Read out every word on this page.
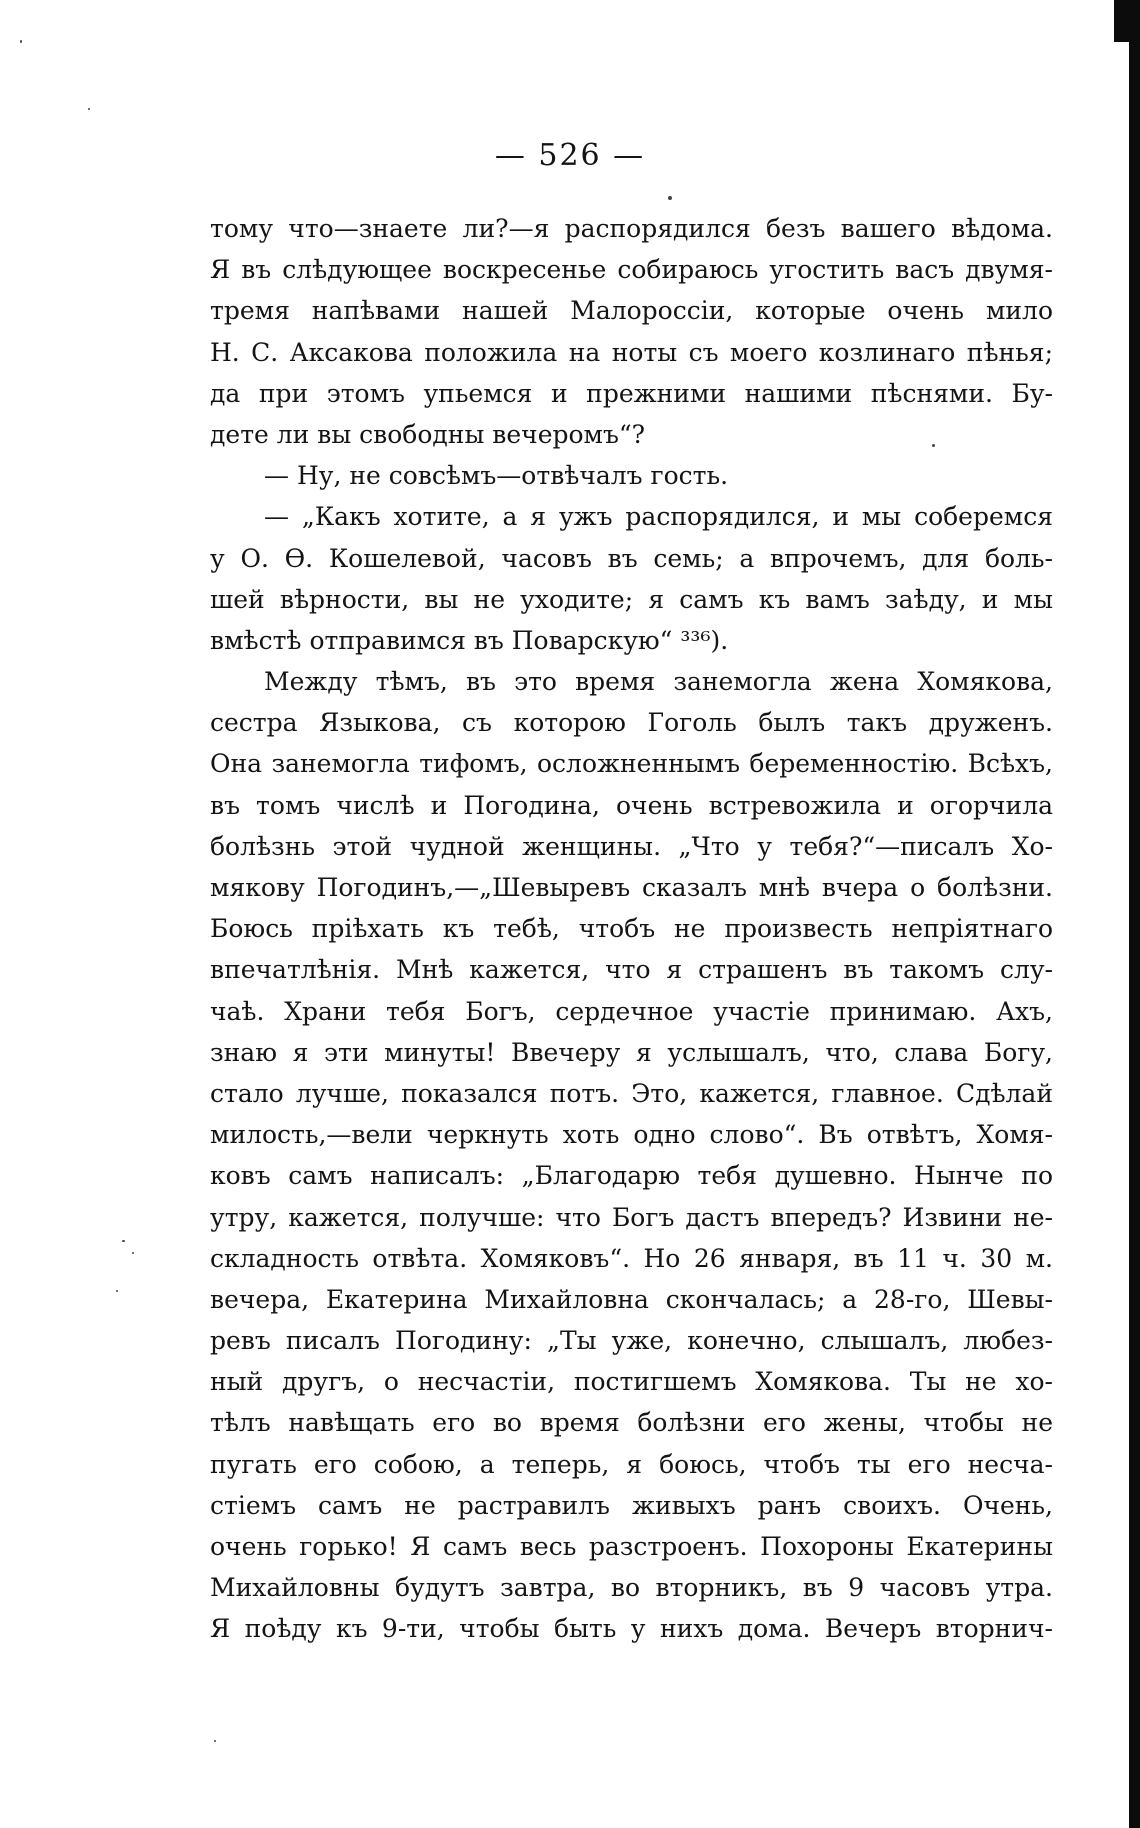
— 526 —
тому что—знаете ли?—я распорядился безъ вашего вѣдома.
Я въ слѣдующее воскресенье собираюсь угостить васъ двумя-
тремя напѣвами нашей Малороссіи, которые очень мило
Н. С. Аксакова положила на ноты съ моего козлинаго пѣнья;
да при этомъ упьемся и прежними нашими пѣснями. Бу-
дете ли вы свободны вечеромъ“?
— Ну, не совсѣмъ—отвѣчалъ гость.
— „Какъ хотите, а я ужъ распорядился, и мы соберемся
у О. Ѳ. Кошелевой, часовъ въ семь; а впрочемъ, для боль-
шей вѣрности, вы не уходите; я самъ къ вамъ заѣду, и мы
вмѣстѣ отправимся въ Поварскую“ ³³⁶).
Между тѣмъ, въ это время занемогла жена Хомякова,
сестра Языкова, съ которою Гоголь былъ такъ друженъ.
Она занемогла тифомъ, осложненнымъ беременностію. Всѣхъ,
въ томъ числѣ и Погодина, очень встревожила и огорчила
болѣзнь этой чудной женщины. „Что у тебя?“—писалъ Хо-
мякову Погодинъ,—„Шевыревъ сказалъ мнѣ вчера о болѣзни.
Боюсь пріѣхать къ тебѣ, чтобъ не произвесть непріятнаго
впечатлѣнія. Мнѣ кажется, что я страшенъ въ такомъ слу-
чаѣ. Храни тебя Богъ, сердечное участіе принимаю. Ахъ,
знаю я эти минуты! Ввечеру я услышалъ, что, слава Богу,
стало лучше, показался потъ. Это, кажется, главное. Сдѣлай
милость,—вели черкнуть хоть одно слово“. Въ отвѣтъ, Хомя-
ковъ самъ написалъ: „Благодарю тебя душевно. Нынче по
утру, кажется, получше: что Богъ дастъ впередъ? Извини не-
складность отвѣта. Хомяковъ“. Но 26 января, въ 11 ч. 30 м.
вечера, Екатерина Михайловна скончалась; а 28-го, Шевы-
ревъ писалъ Погодину: „Ты уже, конечно, слышалъ, любез-
ный другъ, о несчастіи, постигшемъ Хомякова. Ты не хо-
тѣлъ навѣщать его во время болѣзни его жены, чтобы не
пугать его собою, а теперь, я боюсь, чтобъ ты его несча-
стіемъ самъ не растравилъ живыхъ ранъ своихъ. Очень,
очень горько! Я самъ весь разстроенъ. Похороны Екатерины
Михайловны будутъ завтра, во вторникъ, въ 9 часовъ утра.
Я поѣду къ 9-ти, чтобы быть у нихъ дома. Вечеръ вторнич-
